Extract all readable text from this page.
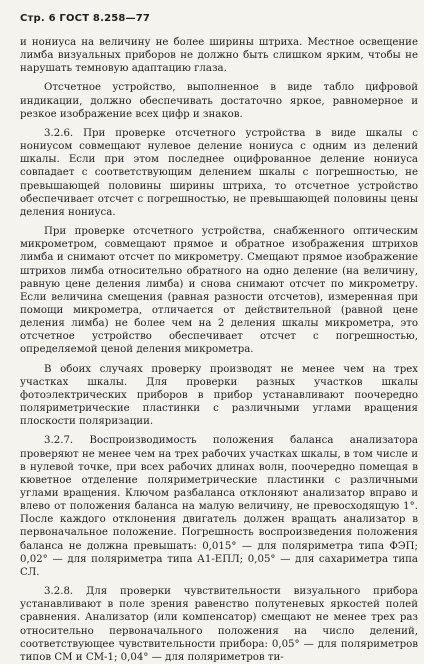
Стр. 6 ГОСТ 8.258—77

и нониуса на величину не более ширины штриха. Местное освещение лимба визуальных приборов не должно быть слишком ярким, чтобы не нарушать темновую адаптацию глаза.

Отсчетное устройство, выполненное в виде табло цифровой индикации, должно обеспечивать достаточно яркое, равномерное и резкое изображение всех цифр и знаков.

3.2.6. При проверке отсчетного устройства в виде шкалы с нониусом совмещают нулевое деление нониуса с одним из делений шкалы. Если при этом последнее оцифрованное деление нониуса совпадает с соответствующим делением шкалы с погрешностью, не превышающей половины ширины штриха, то отсчетное устройство обеспечивает отсчет с погрешностью, не превышающей половины цены деления нониуса.

При проверке отсчетного устройства, снабженного оптическим микрометром, совмещают прямое и обратное изображения штрихов лимба и снимают отсчет по микрометру. Смещают прямое изображение штрихов лимба относительно обратного на одно деление (на величину, равную цене деления лимба) и снова снимают отсчет по микрометру. Если величина смещения (равная разности отсчетов), измеренная при помощи микрометра, отличается от действительной (равной цене деления лимба) не более чем на 2 деления шкалы микрометра, это отсчетное устройство обеспечивает отсчет с погрешностью, определяемой ценой деления микрометра.

В обоих случаях проверку производят не менее чем на трех участках шкалы. Для проверки разных участков шкалы фотоэлектрических приборов в прибор устанавливают поочередно поляриметрические пластинки с различными углами вращения плоскости поляризации.

3.2.7. Воспроизводимость положения баланса анализатора проверяют не менее чем на трех рабочих участках шкалы, в том числе и в нулевой точке, при всех рабочих длинах волн, поочередно помещая в кюветное отделение поляриметрические пластинки с различными углами вращения. Ключом разбаланса отклоняют анализатор вправо и влево от положения баланса на малую величину, не превосходящую 1°. После каждого отклонения двигатель должен вращать анализатор в первоначальное положение. Погрешность воспроизведения положения баланса не должна превышать: 0,015° — для поляриметра типа ФЭП; 0,02° — для поляриметра типа А1-ЕПЛ; 0,05° — для сахариметра типа СЛ.

3.2.8. Для проверки чувствительности визуального прибора устанавливают в поле зрения равенство полутеневых яркостей полей сравнения. Анализатор (или компенсатор) смещают не менее трех раз относительно первоначального положения на число делений, соответствующее чувствительности прибора: 0,05° — для поляриметров типов СМ и СМ-1; 0,04° — для поляриметров ти-
